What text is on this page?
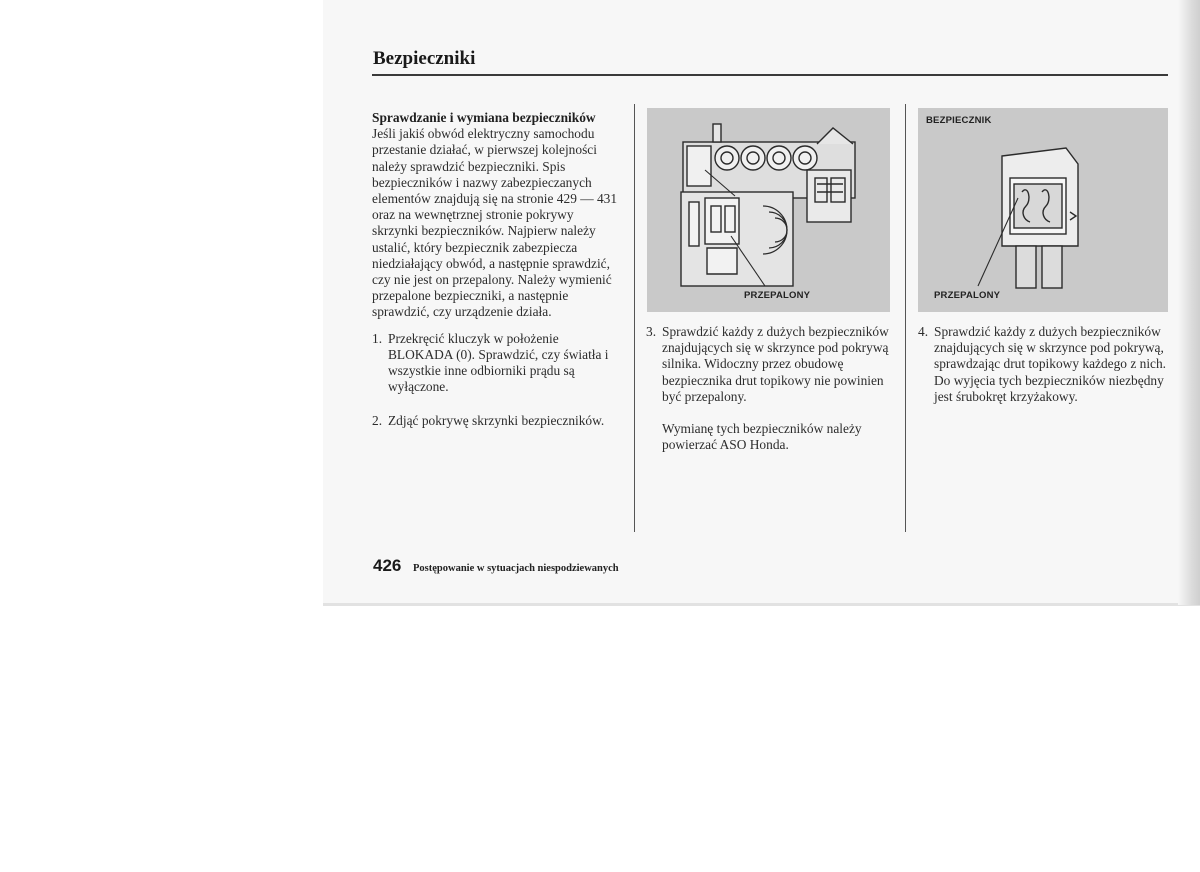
Bezpieczniki
Sprawdzanie i wymiana bezpieczników
Jeśli jakiś obwód elektryczny samochodu przestanie działać, w pierwszej kolejności należy sprawdzić bezpieczniki. Spis bezpieczników i nazwy zabezpieczanych elementów znajdują się na stronie 429 — 431 oraz na wewnętrznej stronie pokrywy skrzynki bezpieczników. Najpierw należy ustalić, który bezpiecznik zabezpiecza niedziałający obwód, a następnie sprawdzić, czy nie jest on przepalony. Należy wymienić przepalone bezpieczniki, a następnie sprawdzić, czy urządzenie działa.
1. Przekręcić kluczyk w położenie BLOKADA (0). Sprawdzić, czy światła i wszystkie inne odbiorniki prądu są wyłączone.
2. Zdjąć pokrywę skrzynki bezpieczników.
PRZEPALONY
BEZPIECZNIK
PRZEPALONY
3. Sprawdzić każdy z dużych bezpieczników znajdujących się w skrzynce pod pokrywą silnika. Widoczny przez obudowę bezpiecznika drut topikowy nie powinien być przepalony.
Wymianę tych bezpieczników należy powierzać ASO Honda.
4. Sprawdzić każdy z dużych bezpieczników znajdujących się w skrzynce pod pokrywą, sprawdzając drut topikowy każdego z nich. Do wyjęcia tych bezpieczników niezbędny jest śrubokręt krzyżakowy.
426 Postępowanie w sytuacjach niespodziewanych
